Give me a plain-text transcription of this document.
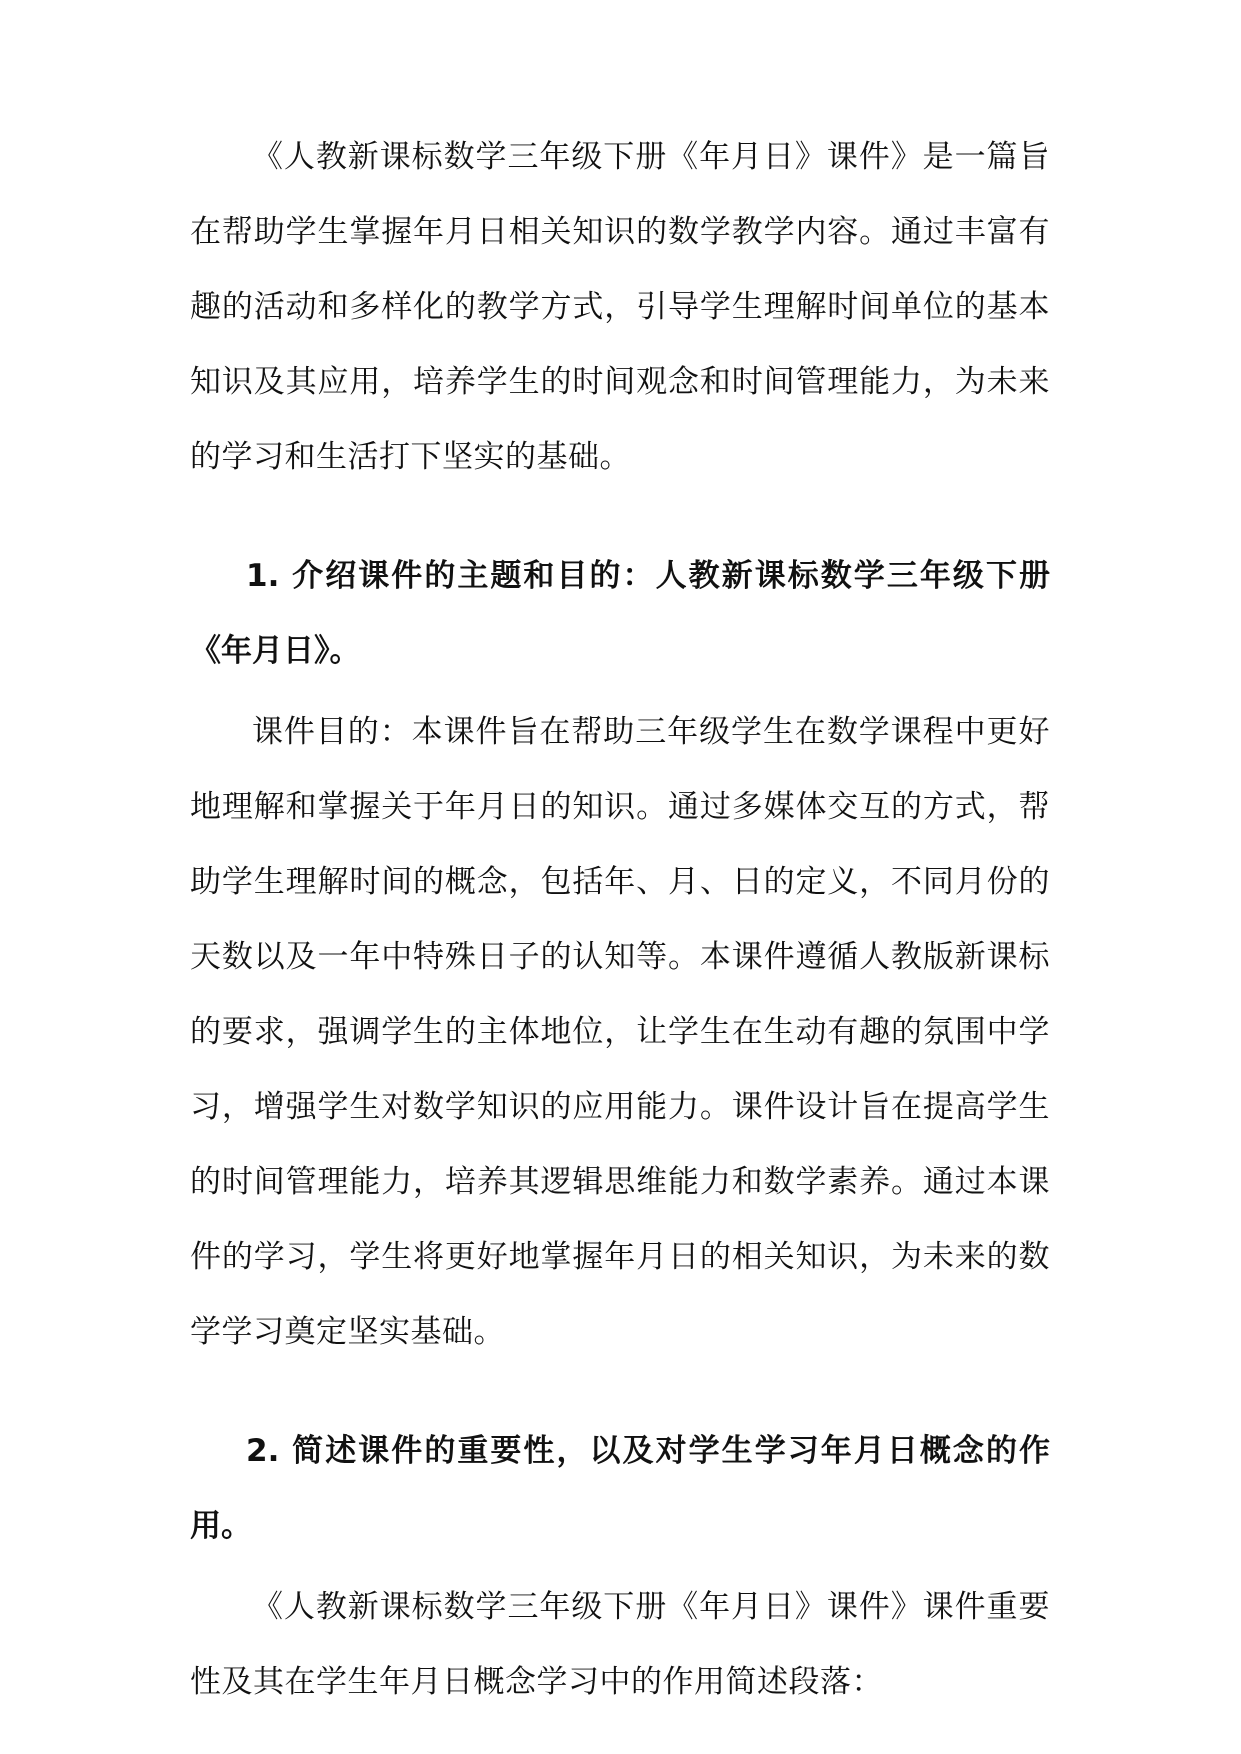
《人教新课标数学三年级下册《年月日》课件》是一篇旨在帮助学生掌握年月日相关知识的数学教学内容。通过丰富有趣的活动和多样化的教学方式，引导学生理解时间单位的基本知识及其应用，培养学生的时间观念和时间管理能力，为未来的学习和生活打下坚实的基础。

1. 介绍课件的主题和目的：人教新课标数学三年级下册《年月日》。

课件目的：本课件旨在帮助三年级学生在数学课程中更好地理解和掌握关于年月日的知识。通过多媒体交互的方式，帮助学生理解时间的概念，包括年、月、日的定义，不同月份的天数以及一年中特殊日子的认知等。本课件遵循人教版新课标的要求，强调学生的主体地位，让学生在生动有趣的氛围中学习，增强学生对数学知识的应用能力。课件设计旨在提高学生的时间管理能力，培养其逻辑思维能力和数学素养。通过本课件的学习，学生将更好地掌握年月日的相关知识，为未来的数学学习奠定坚实基础。

2. 简述课件的重要性，以及对学生学习年月日概念的作用。

《人教新课标数学三年级下册《年月日》课件》课件重要性及其在学生年月日概念学习中的作用简述段落：
